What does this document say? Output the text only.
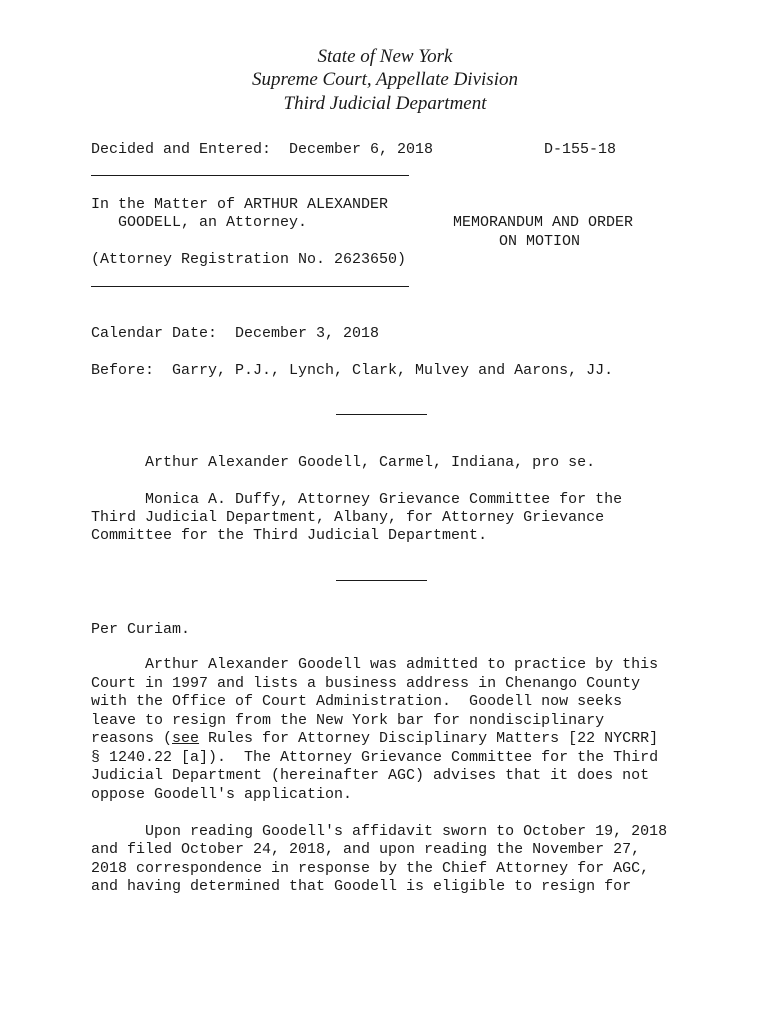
State of New York
Supreme Court, Appellate Division
Third Judicial Department
Decided and Entered:  December 6, 2018	D-155-18
In the Matter of ARTHUR ALEXANDER
GOODELL, an Attorney.	MEMORANDUM AND ORDER
ON MOTION
(Attorney Registration No. 2623650)
Calendar Date:  December 3, 2018
Before:  Garry, P.J., Lynch, Clark, Mulvey and Aarons, JJ.
Arthur Alexander Goodell, Carmel, Indiana, pro se.
Monica A. Duffy, Attorney Grievance Committee for the
Third Judicial Department, Albany, for Attorney Grievance
Committee for the Third Judicial Department.
Per Curiam.
Arthur Alexander Goodell was admitted to practice by this
Court in 1997 and lists a business address in Chenango County
with the Office of Court Administration.  Goodell now seeks
leave to resign from the New York bar for nondisciplinary
reasons (see Rules for Attorney Disciplinary Matters [22 NYCRR]
§ 1240.22 [a]).  The Attorney Grievance Committee for the Third
Judicial Department (hereinafter AGC) advises that it does not
oppose Goodell's application.
Upon reading Goodell's affidavit sworn to October 19, 2018
and filed October 24, 2018, and upon reading the November 27,
2018 correspondence in response by the Chief Attorney for AGC,
and having determined that Goodell is eligible to resign for
